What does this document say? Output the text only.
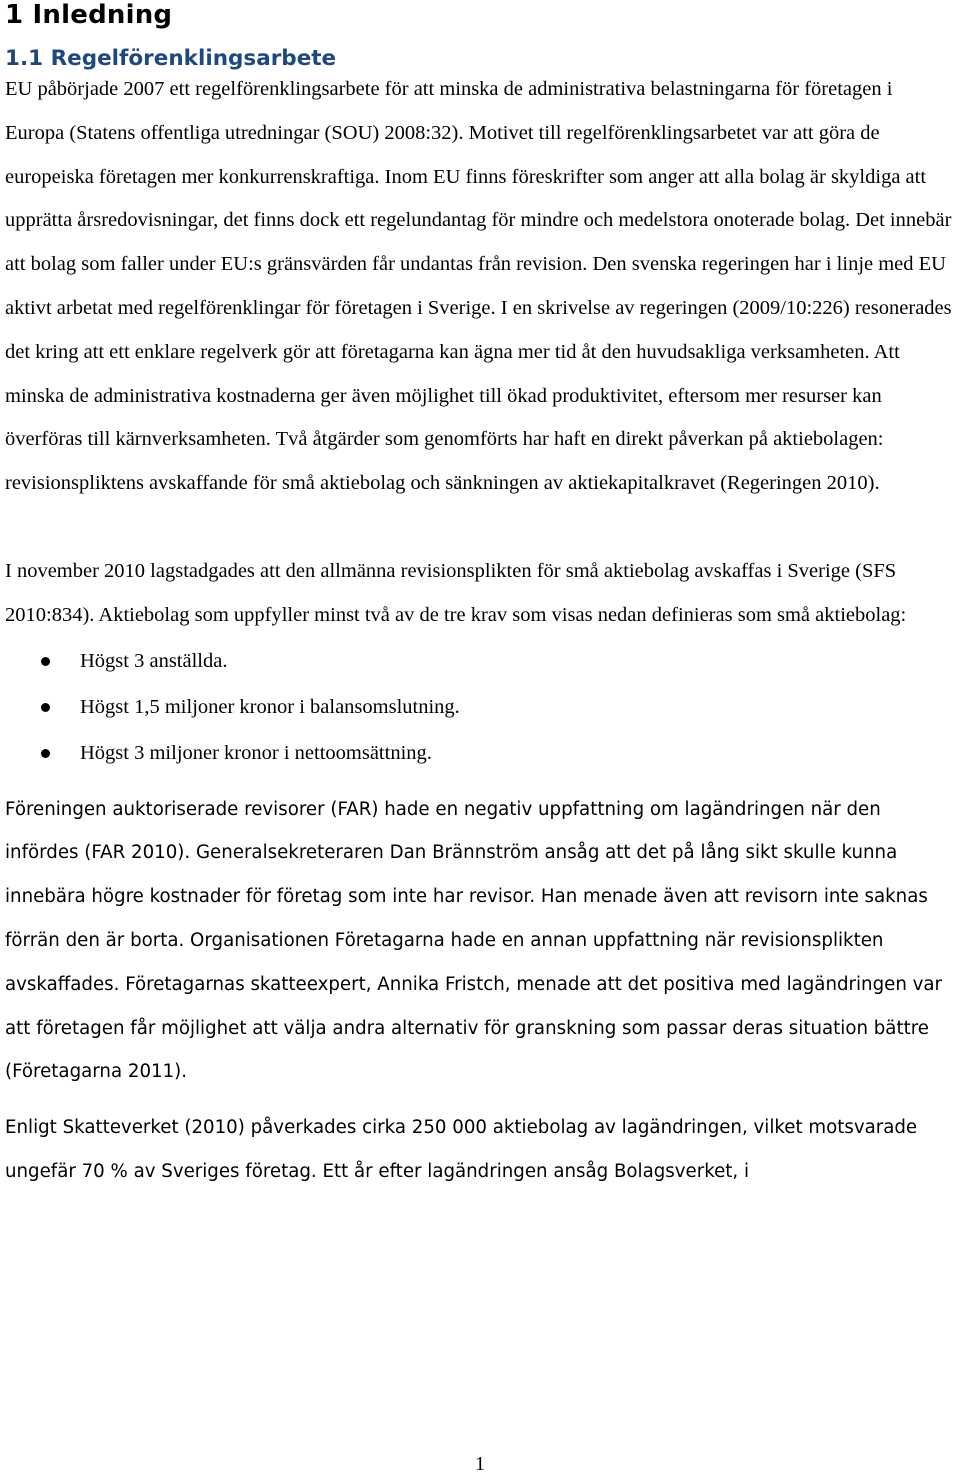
1 Inledning
1.1 Regelförenklingsarbete

EU påbörjade 2007 ett regelförenklingsarbete för att minska de administrativa belastningarna för företagen i Europa (Statens offentliga utredningar (SOU) 2008:32). Motivet till regelförenklingsarbetet var att göra de europeiska företagen mer konkurrenskraftiga. Inom EU finns föreskrifter som anger att alla bolag är skyldiga att upprätta årsredovisningar, det finns dock ett regelundantag för mindre och medelstora onoterade bolag. Det innebär att bolag som faller under EU:s gränsvärden får undantas från revision. Den svenska regeringen har i linje med EU aktivt arbetat med regelförenklingar för företagen i Sverige. I en skrivelse av regeringen (2009/10:226) resonerades det kring att ett enklare regelverk gör att företagarna kan ägna mer tid åt den huvudsakliga verksamheten. Att minska de administrativa kostnaderna ger även möjlighet till ökad produktivitet, eftersom mer resurser kan överföras till kärnverksamheten. Två åtgärder som genomförts har haft en direkt påverkan på aktiebolagen: revisionspliktens avskaffande för små aktiebolag och sänkningen av aktiekapitalkravet (Regeringen 2010).

I november 2010 lagstadgades att den allmänna revisionsplikten för små aktiebolag avskaffas i Sverige (SFS 2010:834). Aktiebolag som uppfyller minst två av de tre krav som visas nedan definieras som små aktiebolag:

Högst 3 anställda.
Högst 1,5 miljoner kronor i balansomslutning.
Högst 3 miljoner kronor i nettoomsättning.

Föreningen auktoriserade revisorer (FAR) hade en negativ uppfattning om lagändringen när den infördes (FAR 2010). Generalsekreteraren Dan Brännström ansåg att det på lång sikt skulle kunna innebära högre kostnader för företag som inte har revisor. Han menade även att revisorn inte saknas förrän den är borta. Organisationen Företagarna hade en annan uppfattning när revisionsplikten avskaffades. Företagarnas skatteexpert, Annika Fristch, menade att det positiva med lagändringen var att företagen får möjlighet att välja andra alternativ för granskning som passar deras situation bättre (Företagarna 2011).

Enligt Skatteverket (2010) påverkades cirka 250 000 aktiebolag av lagändringen, vilket motsvarade ungefär 70 % av Sveriges företag. Ett år efter lagändringen ansåg Bolagsverket, i

1
